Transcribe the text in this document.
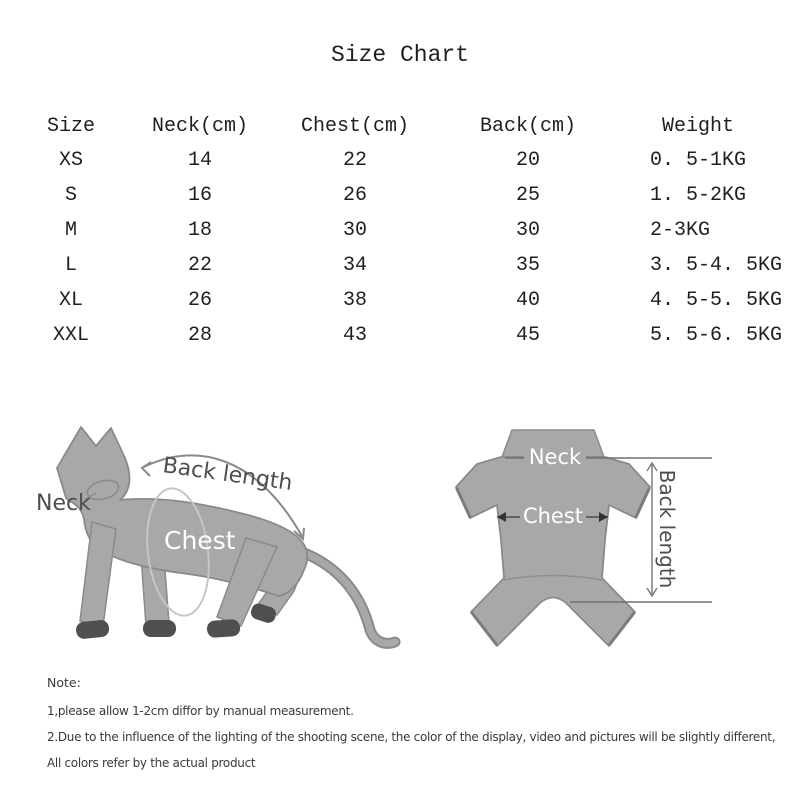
Size Chart
Size	Neck(cm)	Chest(cm)	Back(cm)	Weight
XS	14	22	20	0. 5-1KG
S	16	26	25	1. 5-2KG
M	18	30	30	2-3KG
L	22	34	35	3. 5-4. 5KG
XL	26	38	40	4. 5-5. 5KG
XXL	28	43	45	5. 5-6. 5KG
Neck
Back length
Chest
Neck
Chest	Back length
Note:
1,please allow 1-2cm diffor by manual measurement.
2.Due to the influence of the lighting of the shooting scene, the color of the display, video and pictures will be slightly different,
All colors refer by the actual product
